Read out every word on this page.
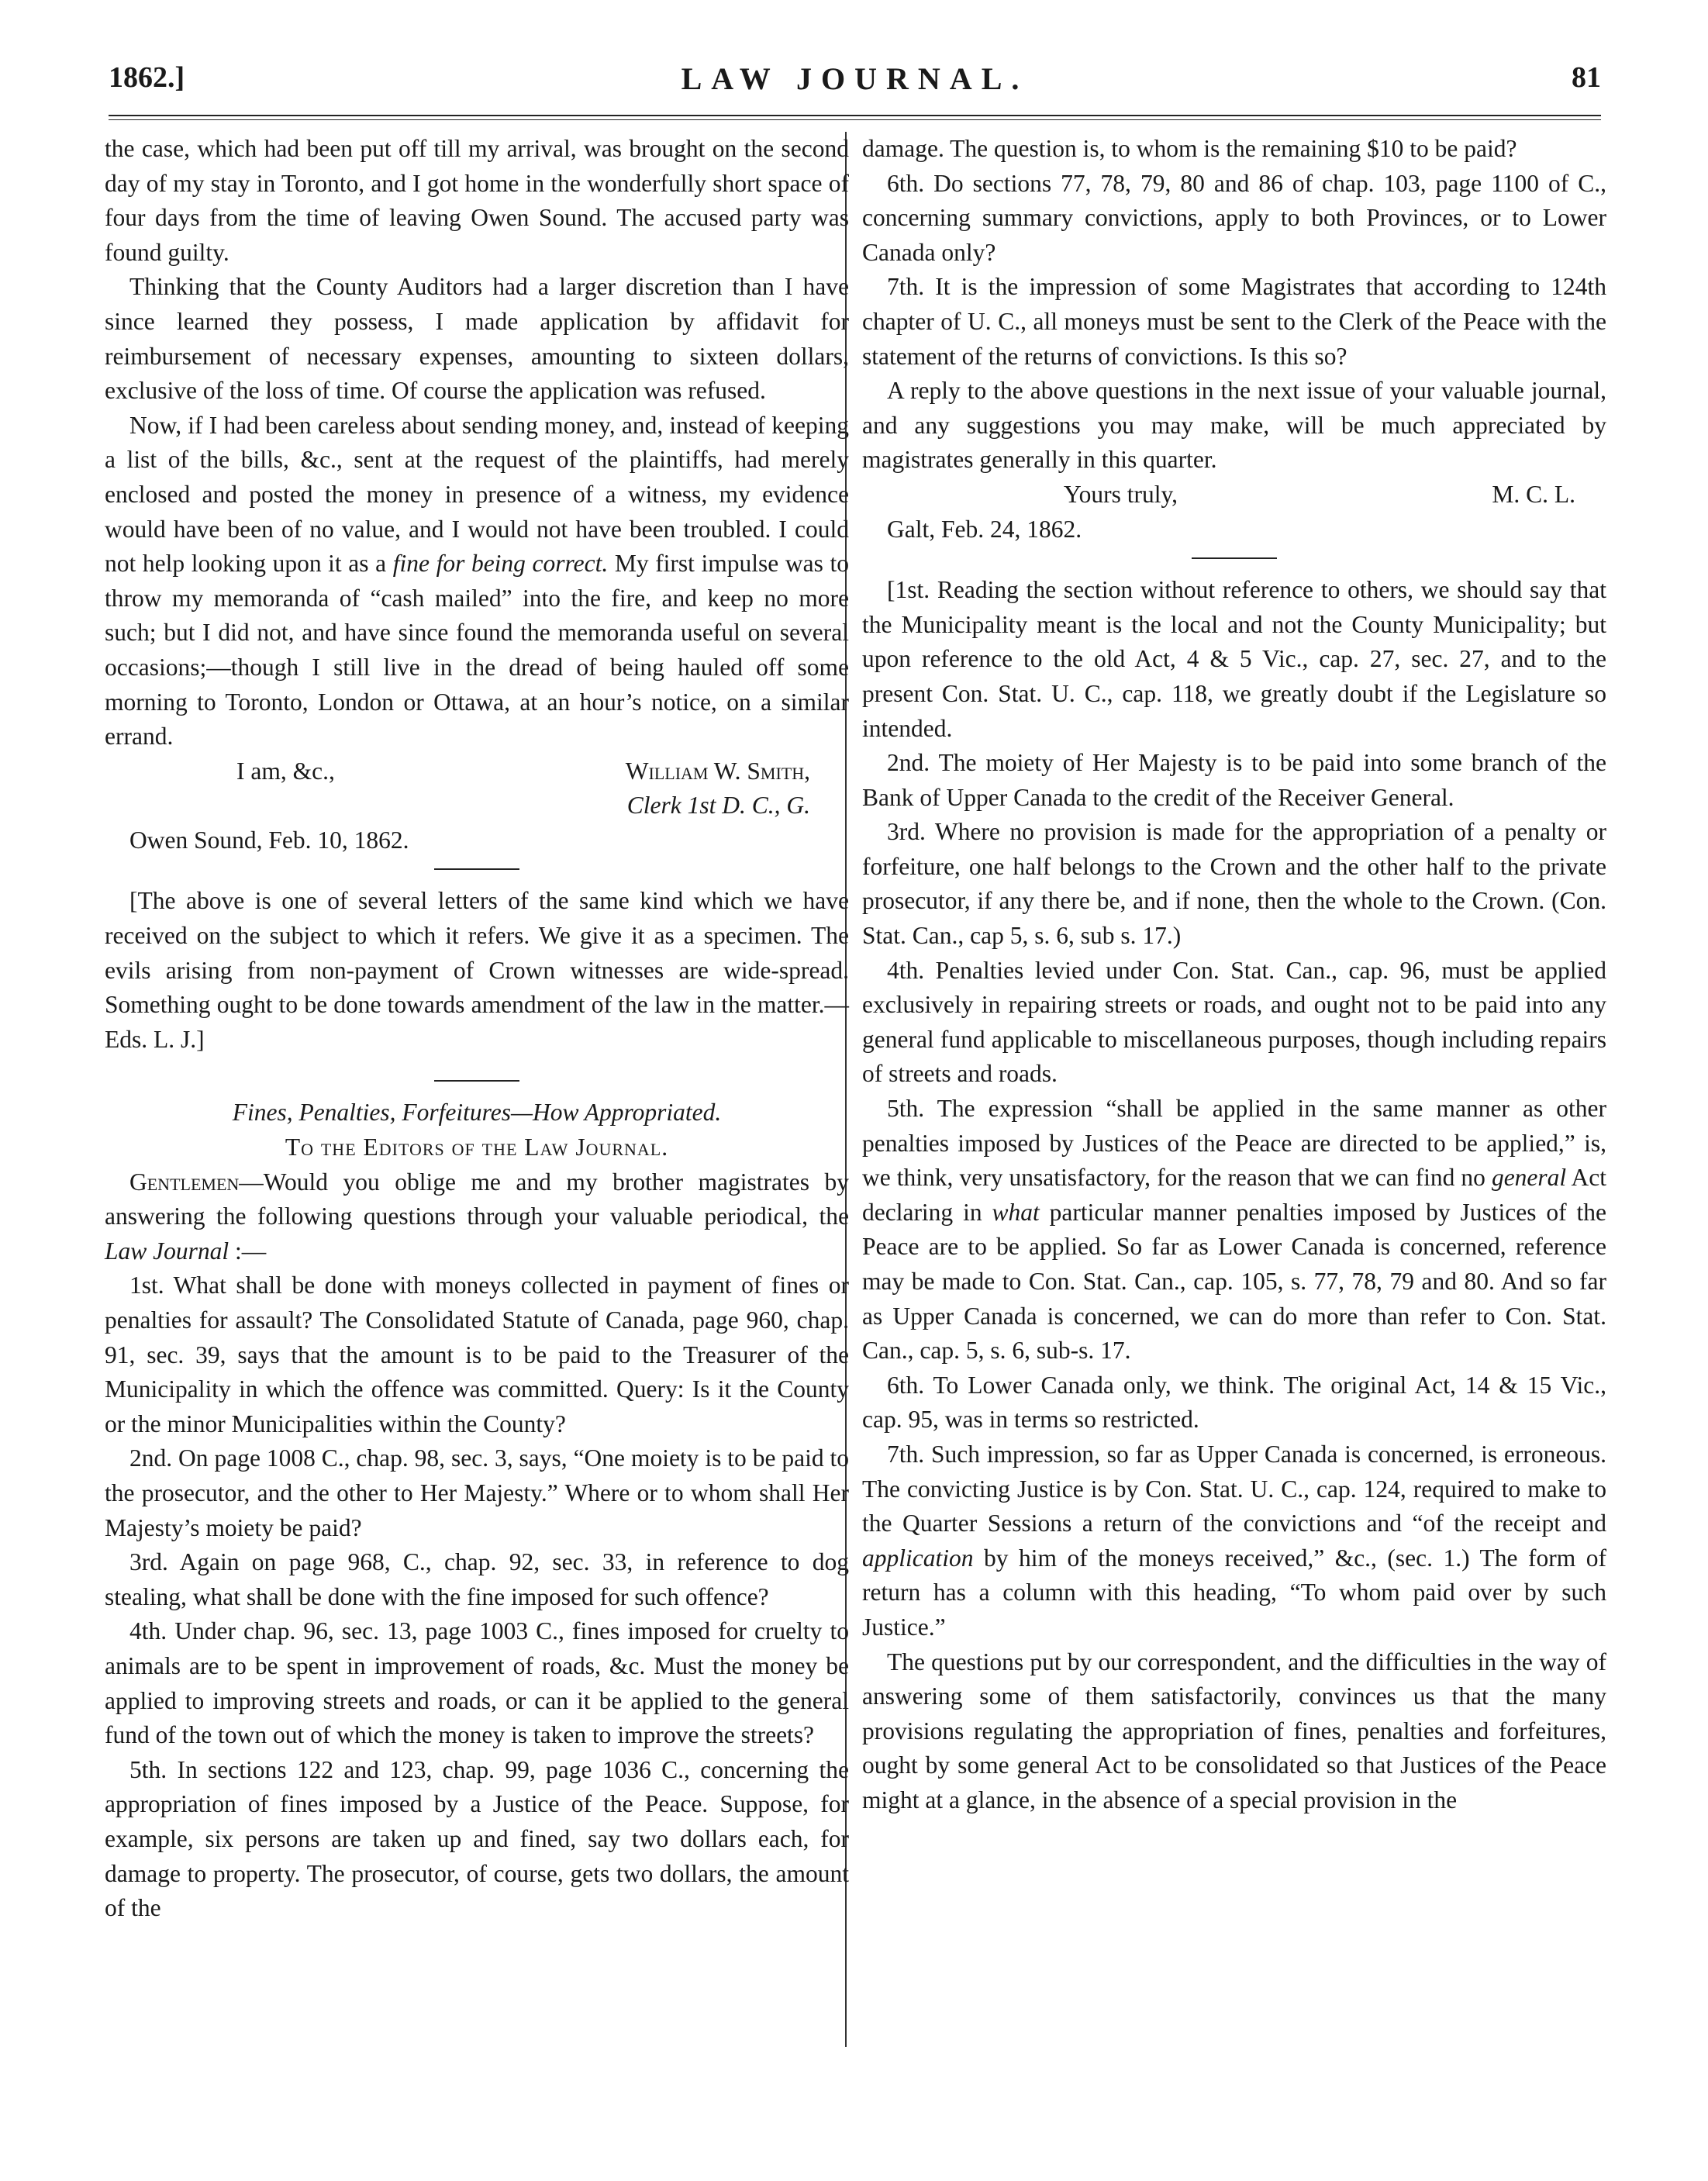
1862.]	LAW JOURNAL.	81

the case, which had been put off till my arrival, was brought on the second day of my stay in Toronto, and I got home in the wonderfully short space of four days from the time of leaving Owen Sound. The accused party was found guilty.

Thinking that the County Auditors had a larger discretion than I have since learned they possess, I made application by affidavit for reimbursement of necessary expenses, amounting to sixteen dollars, exclusive of the loss of time. Of course the application was refused.

Now, if I had been careless about sending money, and, instead of keeping a list of the bills, &c., sent at the request of the plaintiffs, had merely enclosed and posted the money in presence of a witness, my evidence would have been of no value, and I would not have been troubled. I could not help looking upon it as a fine for being correct. My first impulse was to throw my memoranda of “cash mailed” into the fire, and keep no more such; but I did not, and have since found the memoranda useful on several occasions;—though I still live in the dread of being hauled off some morning to Toronto, London or Ottawa, at an hour’s notice, on a similar errand.

I am, &c.,	William W. Smith,
Clerk 1st D. C., G.
Owen Sound, Feb. 10, 1862.

[The above is one of several letters of the same kind which we have received on the subject to which it refers. We give it as a specimen. The evils arising from non-payment of Crown witnesses are wide-spread. Something ought to be done towards amendment of the law in the matter.—Eds. L. J.]

Fines, Penalties, Forfeitures—How Appropriated.
To the Editors of the Law Journal.

Gentlemen—Would you oblige me and my brother magistrates by answering the following questions through your valuable periodical, the Law Journal :—

1st. What shall be done with moneys collected in payment of fines or penalties for assault? The Consolidated Statute of Canada, page 960, chap. 91, sec. 39, says that the amount is to be paid to the Treasurer of the Municipality in which the offence was committed. Query: Is it the County or the minor Municipalities within the County?

2nd. On page 1008 C., chap. 98, sec. 3, says, “One moiety is to be paid to the prosecutor, and the other to Her Majesty.” Where or to whom shall Her Majesty’s moiety be paid?

3rd. Again on page 968, C., chap. 92, sec. 33, in reference to dog stealing, what shall be done with the fine imposed for such offence?

4th. Under chap. 96, sec. 13, page 1003 C., fines imposed for cruelty to animals are to be spent in improvement of roads, &c. Must the money be applied to improving streets and roads, or can it be applied to the general fund of the town out of which the money is taken to improve the streets?

5th. In sections 122 and 123, chap. 99, page 1036 C., concerning the appropriation of fines imposed by a Justice of the Peace. Suppose, for example, six persons are taken up and fined, say two dollars each, for damage to property. The prosecutor, of course, gets two dollars, the amount of the

damage. The question is, to whom is the remaining $10 to be paid?

6th. Do sections 77, 78, 79, 80 and 86 of chap. 103, page 1100 of C., concerning summary convictions, apply to both Provinces, or to Lower Canada only?

7th. It is the impression of some Magistrates that according to 124th chapter of U. C., all moneys must be sent to the Clerk of the Peace with the statement of the returns of convictions. Is this so?

A reply to the above questions in the next issue of your valuable journal, and any suggestions you may make, will be much appreciated by magistrates generally in this quarter.

Yours truly,	M. C. L.
Galt, Feb. 24, 1862.

[1st. Reading the section without reference to others, we should say that the Municipality meant is the local and not the County Municipality; but upon reference to the old Act, 4 & 5 Vic., cap. 27, sec. 27, and to the present Con. Stat. U. C., cap. 118, we greatly doubt if the Legislature so intended.

2nd. The moiety of Her Majesty is to be paid into some branch of the Bank of Upper Canada to the credit of the Receiver General.

3rd. Where no provision is made for the appropriation of a penalty or forfeiture, one half belongs to the Crown and the other half to the private prosecutor, if any there be, and if none, then the whole to the Crown. (Con. Stat. Can., cap 5, s. 6, sub s. 17.)

4th. Penalties levied under Con. Stat. Can., cap. 96, must be applied exclusively in repairing streets or roads, and ought not to be paid into any general fund applicable to miscellaneous purposes, though including repairs of streets and roads.

5th. The expression “shall be applied in the same manner as other penalties imposed by Justices of the Peace are directed to be applied,” is, we think, very unsatisfactory, for the reason that we can find no general Act declaring in what particular manner penalties imposed by Justices of the Peace are to be applied. So far as Lower Canada is concerned, reference may be made to Con. Stat. Can., cap. 105, s. 77, 78, 79 and 80. And so far as Upper Canada is concerned, we can do more than refer to Con. Stat. Can., cap. 5, s. 6, sub-s. 17.

6th. To Lower Canada only, we think. The original Act, 14 & 15 Vic., cap. 95, was in terms so restricted.

7th. Such impression, so far as Upper Canada is concerned, is erroneous. The convicting Justice is by Con. Stat. U. C., cap. 124, required to make to the Quarter Sessions a return of the convictions and “of the receipt and application by him of the moneys received,” &c., (sec. 1.) The form of return has a column with this heading, “To whom paid over by such Justice.”

The questions put by our correspondent, and the difficulties in the way of answering some of them satisfactorily, convinces us that the many provisions regulating the appropriation of fines, penalties and forfeitures, ought by some general Act to be consolidated so that Justices of the Peace might at a glance, in the absence of a special provision in the
